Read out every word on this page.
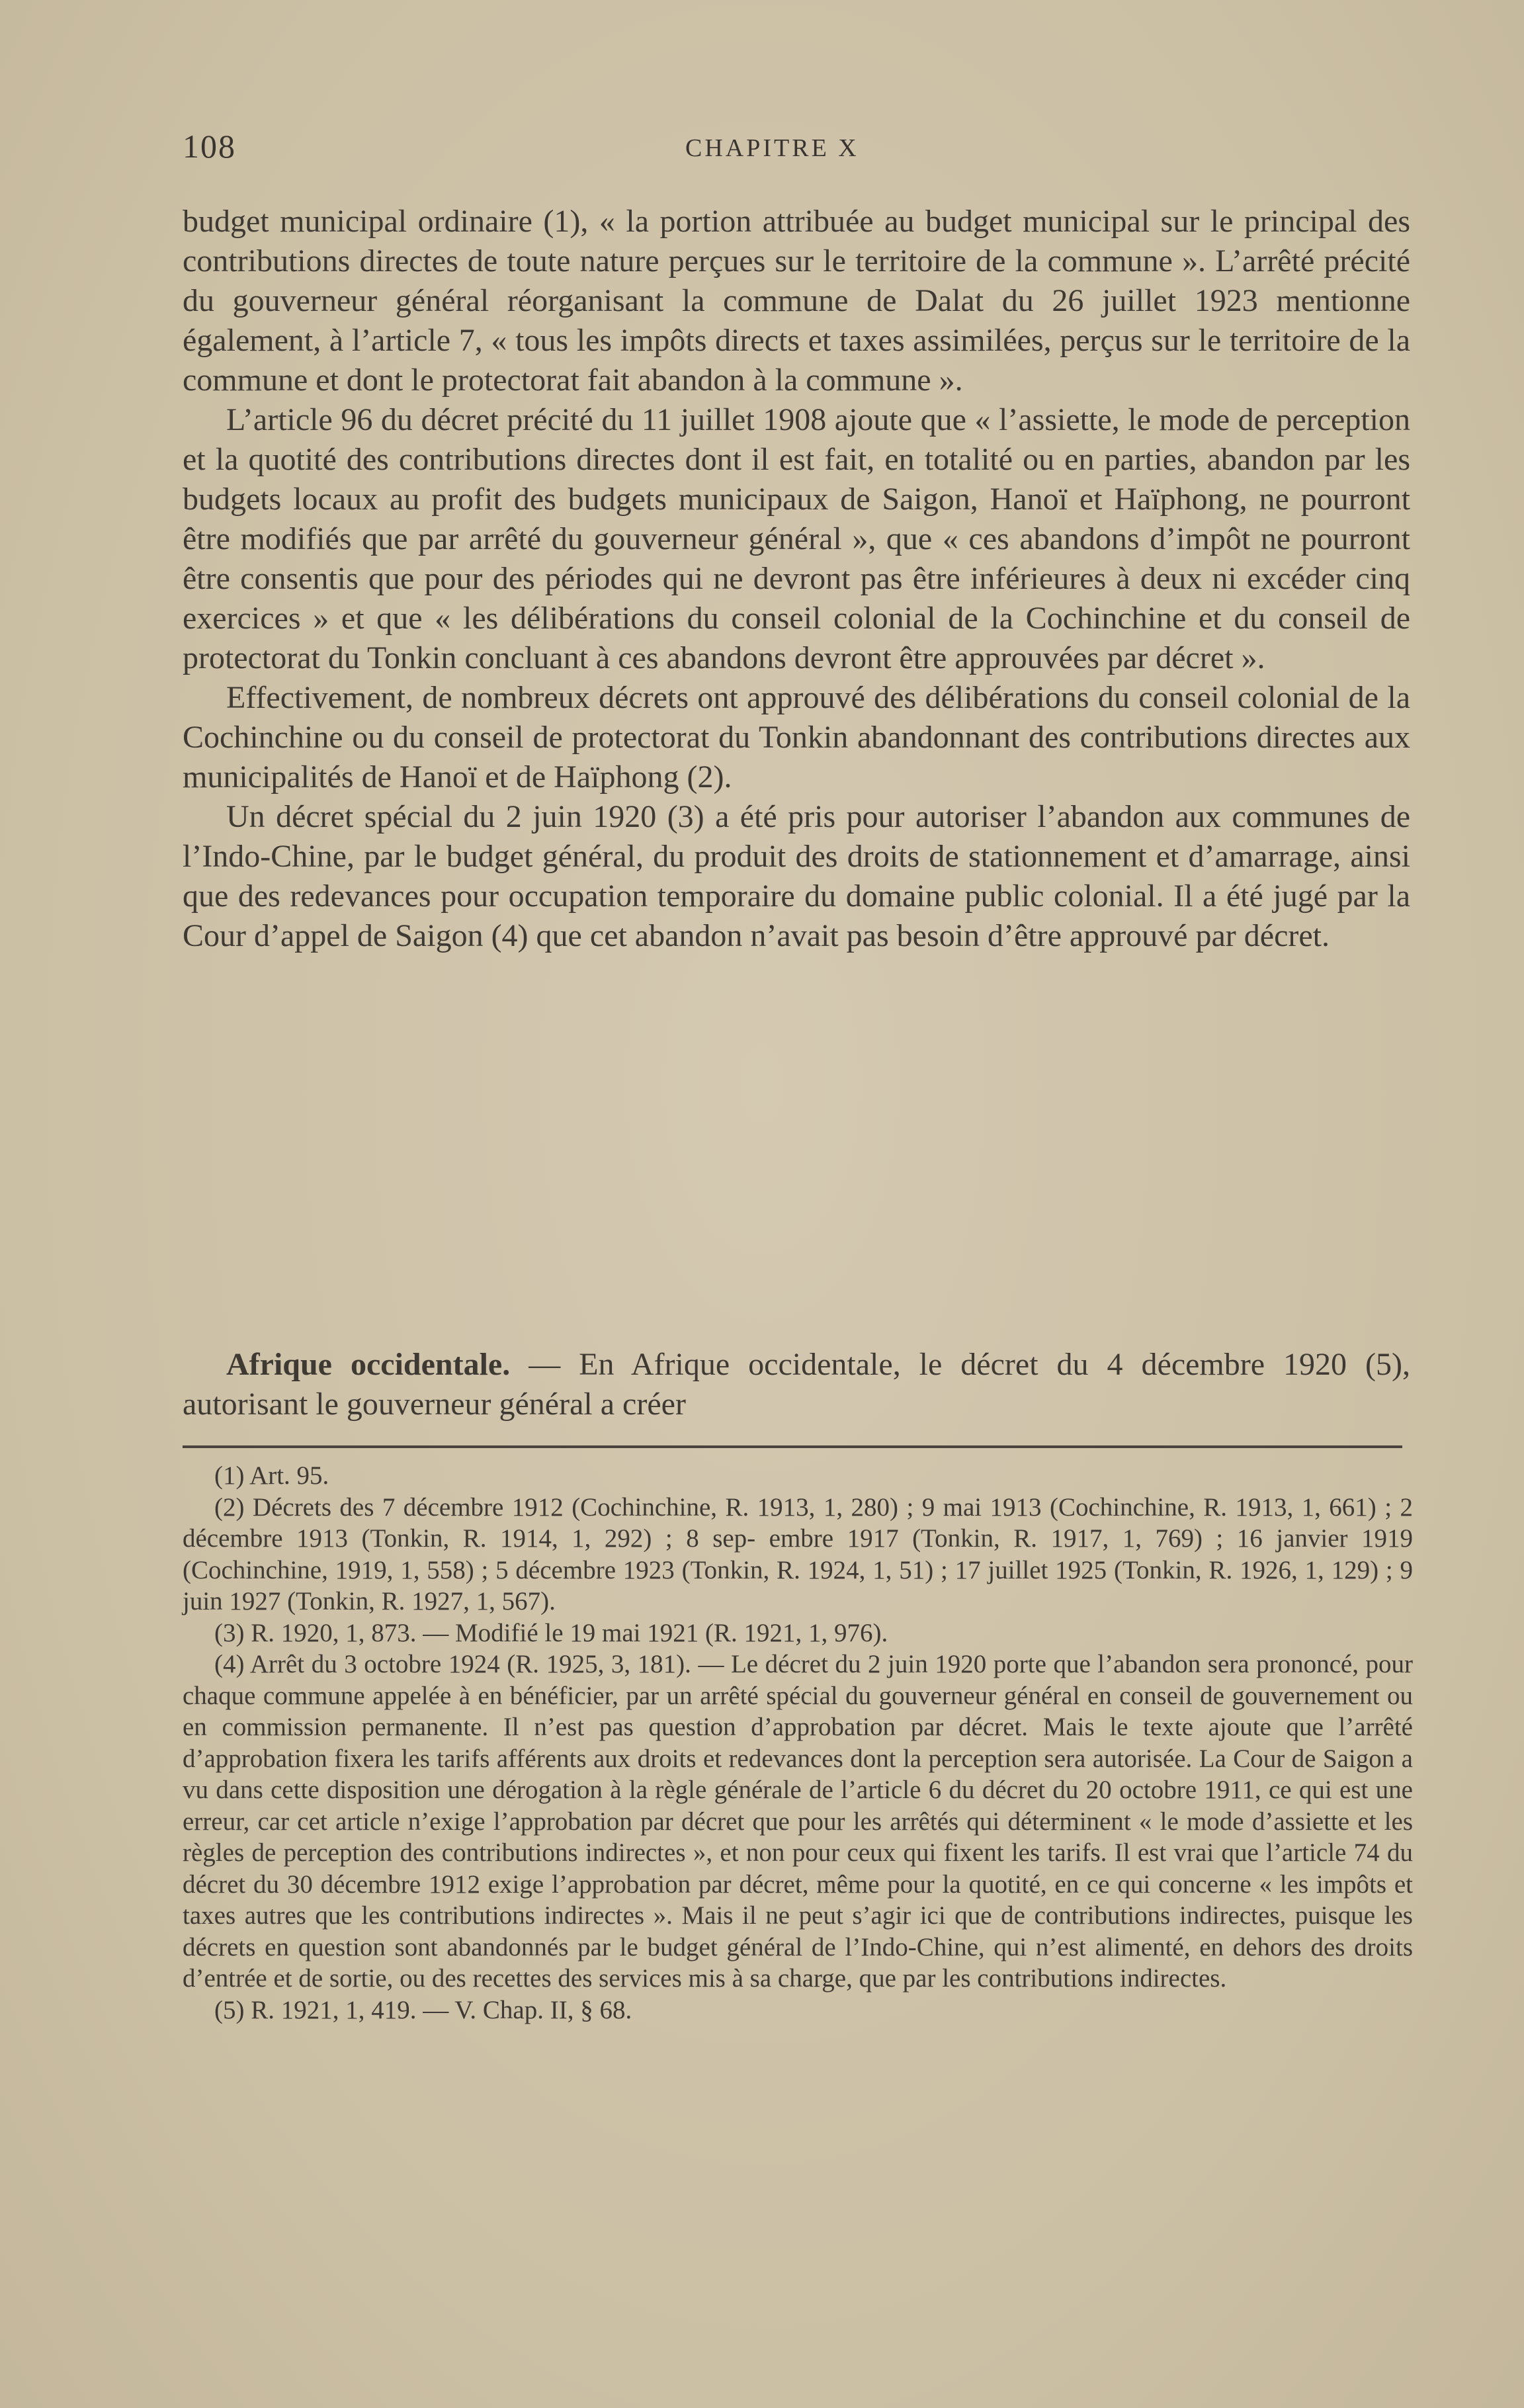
108	CHAPITRE X

budget municipal ordinaire (1), « la portion attribuée au budget municipal sur le principal des contributions directes de toute nature perçues sur le territoire de la commune ». L’arrêté précité du gouverneur général réorganisant la commune de Dalat du 26 juillet 1923 mentionne également, à l’article 7, « tous les impôts directs et taxes assimilées, perçus sur le territoire de la commune et dont le protectorat fait abandon à la commune ».

L’article 96 du décret précité du 11 juillet 1908 ajoute que « l’assiette, le mode de perception et la quotité des contributions directes dont il est fait, en totalité ou en parties, abandon par les budgets locaux au profit des budgets municipaux de Saigon, Hanoï et Haïphong, ne pourront être modifiés que par arrêté du gouverneur général », que « ces abandons d’impôt ne pourront être consentis que pour des périodes qui ne devront pas être inférieures à deux ni excéder cinq exercices » et que « les délibérations du conseil colonial de la Cochinchine et du conseil de protectorat du Tonkin concluant à ces abandons devront être approuvées par décret ».

Effectivement, de nombreux décrets ont approuvé des délibérations du conseil colonial de la Cochinchine ou du conseil de protectorat du Tonkin abandonnant des contributions directes aux municipalités de Hanoï et de Haïphong (2).

Un décret spécial du 2 juin 1920 (3) a été pris pour autoriser l’abandon aux communes de l’Indo-Chine, par le budget général, du produit des droits de stationnement et d’amarrage, ainsi que des redevances pour occupation temporaire du domaine public colonial. Il a été jugé par la Cour d’appel de Saigon (4) que cet abandon n’avait pas besoin d’être approuvé par décret.

Afrique occidentale. — En Afrique occidentale, le décret du 4 décembre 1920 (5), autorisant le gouverneur général a créer

(1) Art. 95.

(2) Décrets des 7 décembre 1912 (Cochinchine, R. 1913, 1, 280) ; 9 mai 1913 (Cochinchine, R. 1913, 1, 661) ; 2 décembre 1913 (Tonkin, R. 1914, 1, 292) ; 8 sep- embre 1917 (Tonkin, R. 1917, 1, 769) ; 16 janvier 1919 (Cochinchine, 1919, 1, 558) ; 5 décembre 1923 (Tonkin, R. 1924, 1, 51) ; 17 juillet 1925 (Tonkin, R. 1926, 1, 129) ; 9 juin 1927 (Tonkin, R. 1927, 1, 567).

(3) R. 1920, 1, 873. — Modifié le 19 mai 1921 (R. 1921, 1, 976).

(4) Arrêt du 3 octobre 1924 (R. 1925, 3, 181). — Le décret du 2 juin 1920 porte que l’abandon sera prononcé, pour chaque commune appelée à en bénéficier, par un arrêté spécial du gouverneur général en conseil de gouvernement ou en commission permanente. Il n’est pas question d’approbation par décret. Mais le texte ajoute que l’arrêté d’approbation fixera les tarifs afférents aux droits et redevances dont la perception sera autorisée. La Cour de Saigon a vu dans cette disposition une dérogation à la règle générale de l’article 6 du décret du 20 octobre 1911, ce qui est une erreur, car cet article n’exige l’approbation par décret que pour les arrêtés qui déterminent « le mode d’assiette et les règles de perception des contributions indirectes », et non pour ceux qui fixent les tarifs. Il est vrai que l’article 74 du décret du 30 décembre 1912 exige l’approbation par décret, même pour la quotité, en ce qui concerne « les impôts et taxes autres que les contributions indirectes ». Mais il ne peut s’agir ici que de contributions indirectes, puisque les décrets en question sont abandonnés par le budget général de l’Indo-Chine, qui n’est alimenté, en dehors des droits d’entrée et de sortie, ou des recettes des services mis à sa charge, que par les contributions indirectes.

(5) R. 1921, 1, 419. — V. Chap. II, § 68.
